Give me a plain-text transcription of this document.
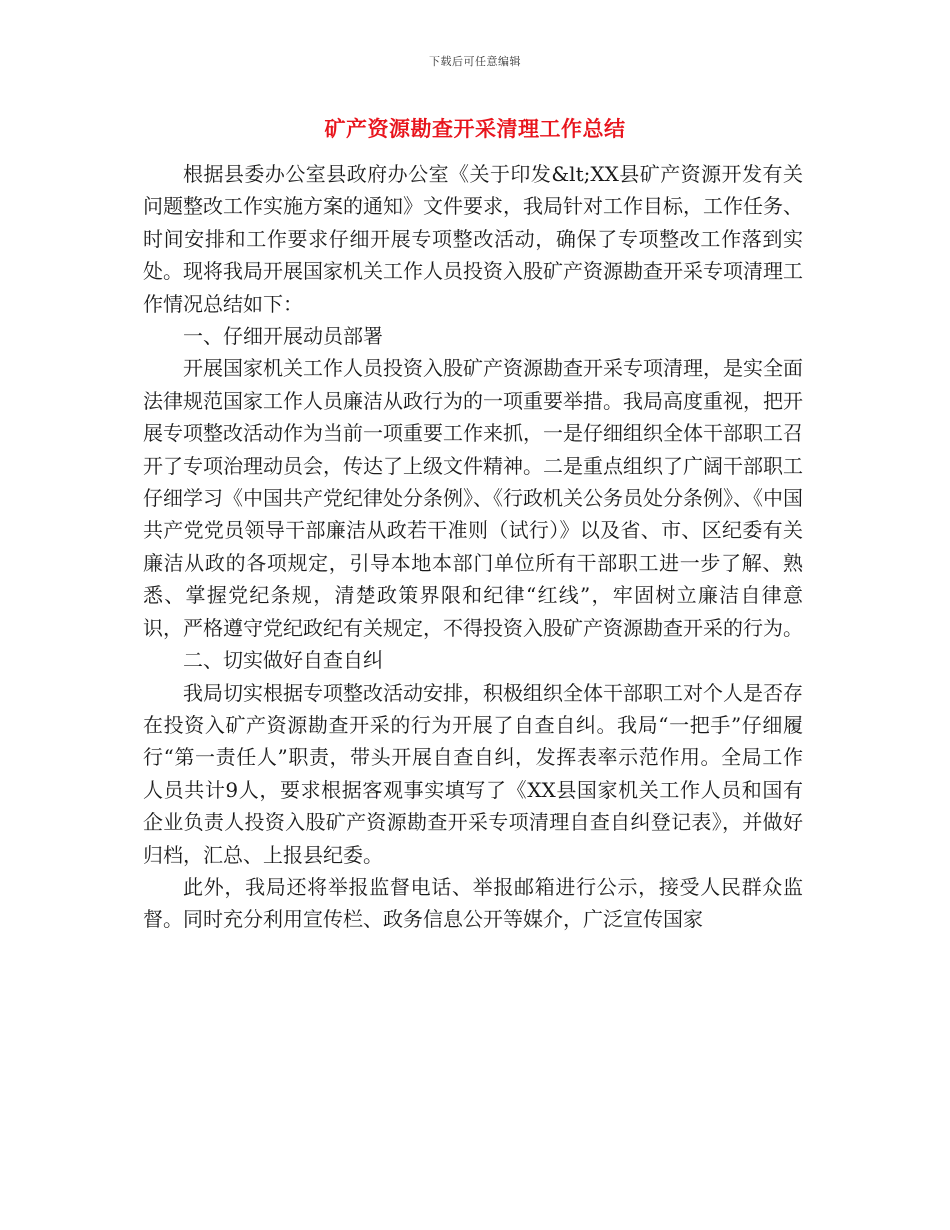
下载后可任意编辑
矿产资源勘查开采清理工作总结

根据县委办公室县政府办公室《关于印发&lt;XX县矿产资源开发有关问题整改工作实施方案的通知》文件要求，我局针对工作目标，工作任务、时间安排和工作要求仔细开展专项整改活动，确保了专项整改工作落到实处。现将我局开展国家机关工作人员投资入股矿产资源勘查开采专项清理工作情况总结如下：

一、仔细开展动员部署

开展国家机关工作人员投资入股矿产资源勘查开采专项清理，是实全面法律规范国家工作人员廉洁从政行为的一项重要举措。我局高度重视，把开展专项整改活动作为当前一项重要工作来抓，一是仔细组织全体干部职工召开了专项治理动员会，传达了上级文件精神。二是重点组织了广阔干部职工仔细学习《中国共产党纪律处分条例》、《行政机关公务员处分条例》、《中国共产党党员领导干部廉洁从政若干准则（试行）》以及省、市、区纪委有关廉洁从政的各项规定，引导本地本部门单位所有干部职工进一步了解、熟悉、掌握党纪条规，清楚政策界限和纪律“红线”，牢固树立廉洁自律意识，严格遵守党纪政纪有关规定，不得投资入股矿产资源勘查开采的行为。

二、切实做好自查自纠

我局切实根据专项整改活动安排，积极组织全体干部职工对个人是否存在投资入矿产资源勘查开采的行为开展了自查自纠。我局“一把手”仔细履行“第一责任人”职责，带头开展自查自纠，发挥表率示范作用。全局工作人员共计9人，要求根据客观事实填写了《XX县国家机关工作人员和国有企业负责人投资入股矿产资源勘查开采专项清理自查自纠登记表》，并做好归档，汇总、上报县纪委。

此外，我局还将举报监督电话、举报邮箱进行公示，接受人民群众监督。同时充分利用宣传栏、政务信息公开等媒介，广泛宣传国家
